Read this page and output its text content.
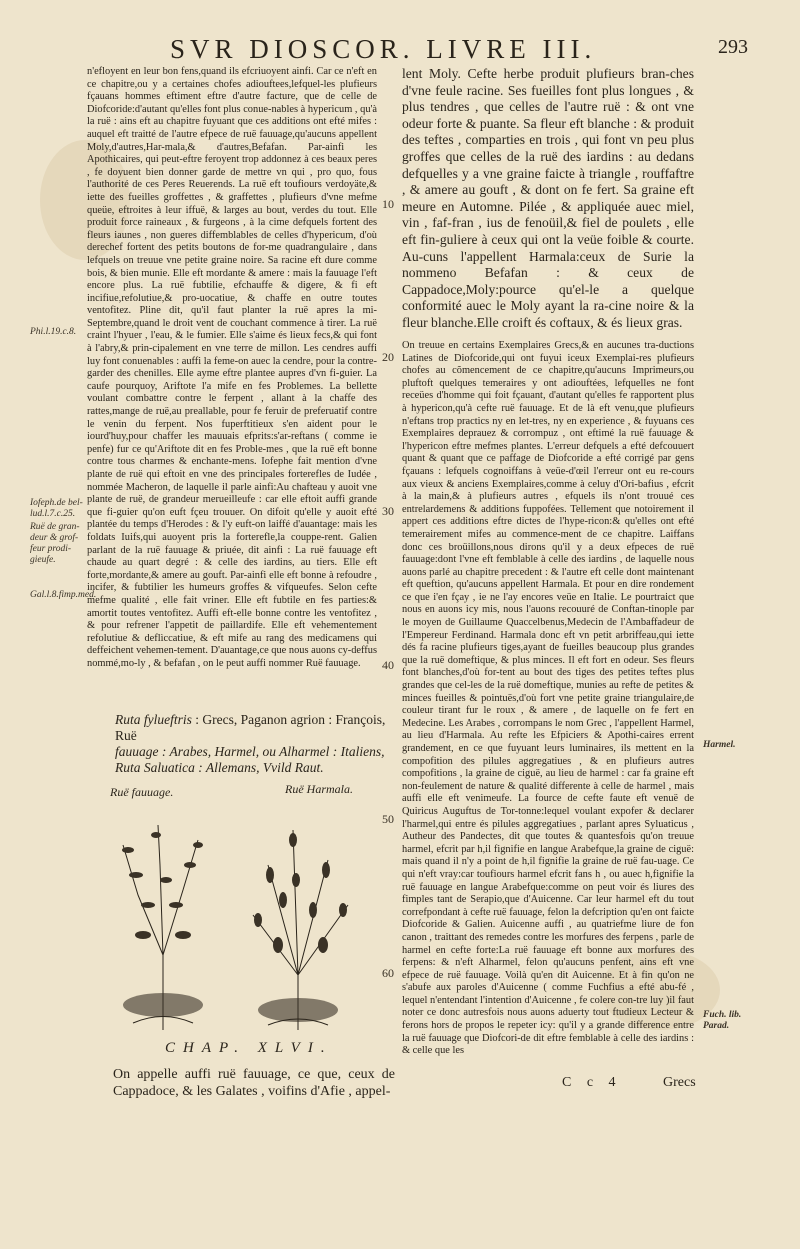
SVR DIOSCOR. LIVRE III.	293

n'efloyent en leur bon fens,quand ils efcriuoyent ainfi. Car ce n'eft en ce chapitre,ou y a certaines chofes adiouftees,lefquel-les plufieurs fçauans hommes eftiment eftre d'autre facture, que de celle de Diofcoride:d'autant qu'elles font plus conue-nables à hypericum , qu'à la ruë : ains eft au chapitre fuyuant que ces additions ont efté mifes : auquel eft traitté de l'autre efpece de ruë fauuage,qu'aucuns appellent Moly,d'autres,Har-mala,& d'autres,Befafan. Par-ainfi les Apothicaires, qui peut-eftre feroyent trop addonnez à ces beaux peres , fe doyuent bien donner garde de mettre vn qui , pro quo, fous l'authorité de ces Peres Reuerends. La ruë eft toufiours verdoyäte,& iette des fueilles groffettes , & graffettes , plufieurs d'vne mefme queüe, eftroites à leur iffuë, & larges au bout, verdes du tout. Elle produit force raineaux , & furgeons , à la cime defquels fortent des fleurs iaunes , non gueres diffemblables de celles d'hypericum, d'où derechef fortent des petits boutons de for-me quadrangulaire , dans lefquels on treuue vne petite graine noire. Sa racine eft dure comme bois, & bien munie. Elle eft mordante & amere : mais la fauuage l'eft encore plus. La ruë fubtilie, efchauffe & digere, & fi eft incifiue,refolutiue,& pro-uocatiue, & chaffe en outre toutes ventofitez. Pline dit, qu'il faut planter la ruë apres la mi-Septembre,quand le droit vent de couchant commence à tirer. La ruë craint l'hyuer , l'eau, & le fumier. Elle s'aime és lieux fecs,& qui font à l'abry,& prin-cipalement en vne terre de millon. Les cendres auffi luy font conuenables : auffi la feme-on auec la cendre, pour la contre-garder des chenilles. Elle ayme eftre plantee aupres d'vn fi-guier. La caufe pourquoy, Ariftote l'a mife en fes Problemes. La bellette voulant combattre contre le ferpent , allant à la chaffe des rattes,mange de ruë,au preallable, pour fe feruir de preferuatif contre le venin du ferpent. Nos fuperftitieux s'en aident pour le iourd'huy,pour chaffer les mauuais efprits:s'ar-reftans ( comme ie penfe) fur ce qu'Ariftote dit en fes Proble-mes , que la ruë eft bonne contre tous charmes & enchante-mens. Iofephe fait mention d'vne plante de ruë qui eftoit en vne des principales forterefles de Iudée , nommée Macheron, de laquelle il parle ainfi:Au chafteau y auoit vne plante de ruë, de grandeur merueilleufe : car elle eftoit auffi grande que fi-guier qu'on euft fçeu trouuer. On difoit qu'elle y auoit efté plantée du temps d'Herodes : & l'y euft-on laiffé d'auantage: mais les foldats Iuifs,qui auoyent pris la forterefle,la couppe-rent. Galien parlant de la ruë fauuage & priuée, dit ainfi : La ruë fauuage eft chaude au quart degré : & celle des iardins, au tiers. Elle eft forte,mordante,& amere au gouft. Par-ainfi elle eft bonne à refoudre , incifer, & fubtilier les humeurs groffes & vifqueufes. Selon cefte mefme qualité , elle fait vriner. Elle eft fubtile en fes parties:& amortit toutes ventofitez. Auffi eft-elle bonne contre les ventofitez , & pour refrener l'appetit de paillardife. Elle eft vehementement refolutiue & deflìccatiue, & eft mife au rang des medicamens qui deffeichent vehemen-tement. D'auantage,ce que nous auons cy-deffus nommé,mo-ly , & befafan , on le peut auffi nommer Ruë fauuage.

Phi.l.19.c.8.
Iofeph.de bel-lud.l.7.c.25.
Ruë de gran-deur & grof-feur prodi-gieufe.
Gal.l.8.fimp.med.
10
20
30
40
50
60
lent Moly. Cefte herbe produit plufieurs bran-ches d'vne feule racine. Ses fueilles font plus longues , & plus tendres , que celles de l'autre ruë : & ont vne odeur forte & puante. Sa fleur eft blanche : & produit des teftes , comparties en trois , qui font vn peu plus groffes que celles de la ruë des iardins : au dedans defquelles y a vne graine faicte à triangle , rouffaftre , & amere au gouft , & dont on fe fert. Sa graine eft meure en Automne. Pilée , & appliquée auec miel, vin , faf-fran , ius de fenoüil,& fiel de poulets , elle eft fin-guliere à ceux qui ont la veüe foible & courte. Au-cuns l'appellent Harmala:ceux de Surie la nommeno Befafan : & ceux de Cappadoce,Moly:pource qu'el-le a quelque conformité auec le Moly ayant la ra-cine noire & la fleur blanche.Elle croift és coftaux, & és lieux gras.

On treuue en certains Exemplaires Grecs,& en aucunes tra-ductions Latines de Diofcoride,qui ont fuyui iceux Exemplai-res plufieurs chofes au cõmencement de ce chapitre,qu'aucuns Imprimeurs,ou pluftoft quelques temeraires y ont adiouftées, lefquelles ne font receües d'homme qui foit fçauant, d'autant qu'elles fe rapportent plus à hypericon,qu'à cefte ruë fauuage. Et de là eft venu,que plufieurs n'eftans trop practics ny en let-tres, ny en experience , & fuyuans ces Exemplaires deprauez & corrompuz , ont eftimé la ruë fauuage & l'hypericon eftre mefmes plantes. L'erreur defquels a efté defcouuert quant & quant que ce paffage de Diofcoride a efté corrigé par gens fçauans : lefquels cognoiffans à veüe-d'œil l'erreur ont eu re-cours aux vieux & anciens Exemplaires,comme à celuy d'Ori-bafius , efcrit à la main,& à plufieurs autres , efquels ils n'ont trouué ces entrelardemens & additions fuppofées. Tellement que notoirement il appert ces additions eftre dictes de l'hype-ricon:& qu'elles ont efté temerairement mifes au commence-ment de ce chapitre. Laiffans donc ces broüillons,nous dirons qu'il y a deux efpeces de ruë fauuage:dont l'vne eft femblable à celle des iardins , de laquelle nous auons parlé au chapitre precedent : & l'autre eft celle dont maintenant eft queftion, qu'aucuns appellent Harmala. Et pour en dire rondement ce que i'en fçay , ie ne l'ay encores veüe en Italie. Le pourtraict que nous en auons icy mis, nous l'auons recouuré de Conftan-tinople par le moyen de Guillaume Quaccelbenus,Medecin de l'Ambaffadeur de l'Empereur Ferdinand. Harmala donc eft vn petit arbriffeau,qui iette dés fa racine plufieurs tiges,ayant de fueilles beaucoup plus grandes que la ruë domeftique, & plus minces. Il eft fort en odeur. Ses fleurs font blanches,d'où for-tent au bout des tiges des petites teftes plus grandes que cel-les de la ruë domeftique, munies au refte de petites & minces fueilles & pointuës,d'où fort vne petite graine triangulaire,de couleur tirant fur le roux , & amere , de laquelle on fe fert en Medecine. Les Arabes , corrompans le nom Grec , l'appellent Harmel, au lieu d'Harmala. Au refte les Efpiciers & Apothi-caires errent grandement, en ce que fuyuant leurs luminaires, ils mettent en la compofition des pilules aggregatiues , & en plufieurs autres compofitions , la graine de ciguë, au lieu de harmel : car fa graine eft non-feulement de nature & qualité differente à celle de harmel , mais auffi elle eft venimeufe. La fource de cefte faute eft venuë de Quiricus Auguftus de Tor-tonne:lequel voulant expofer & declarer l'harmel,qui entre és pilules aggregatiues , parlant apres Syluaticus , Autheur des Pandectes, dit que toutes & quantesfois qu'on treuue harmel, efcrit par h,il fignifie en langue Arabefque,la graine de ciguë: mais quand il n'y a point de h,il fignifie la graine de ruë fau-uage. Ce qui n'eft vray:car toufiours harmel efcrit fans h , ou auec h,fignifie la ruë fauuage en langue Arabefque:comme on peut voir és liures des fimples tant de Serapio,que d'Auicenne. Car leur harmel eft du tout correfpondant à cefte ruë fauuage, felon la defcription qu'en ont faicte Diofcoride & Galien. Auicenne auffi , au quatriefme liure de fon canon , traittant des remedes contre les morfures des ferpens , parle de harmel en cefte forte:La ruë fauuage eft bonne aux morfures des ferpens: & n'eft Alharmel, felon qu'aucuns penfent, ains eft vne efpece de ruë fauuage. Voilà qu'en dit Auicenne. Et à fin qu'on ne s'abufe aux paroles d'Auicenne ( comme Fuchfius a efté abu-fé , lequel n'entendant l'intention d'Auicenne , fe colere con-tre luy )il faut noter ce donc autresfois nous auons aduerty tout ftudieux Lecteur & ferons hors de propos le repeter icy: qu'il y a grande difference entre la ruë fauuage que Diofcori-de dit eftre femblable à celle des iardins : & celle que les

Harmel.
Fuch. lib. Parad.
Ruta fylueftris : Grecs, Paganon agrion : François, Ruë
fauuage : Arabes, Harmel, ou Alharmel : Italiens,
Ruta Saluatica : Allemans, Vvild Raut.
Ruë fauuage.	Ruë Harmala.
CHAP. XLVI.
On appelle auffi ruë fauuage, ce que, ceux de Cappadoce, & les Galates , voifins d'Afie , appel-
C c 4	Grecs
